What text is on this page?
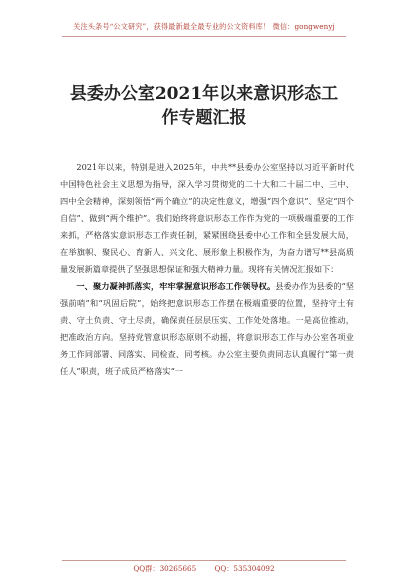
关注头条号“公文研究”，获得最新最全最专业的公文资料库！ 微信：gongwenyj
县委办公室2021年以来意识形态工
作专题汇报

2021年以来，特别是进入2025年，中共**县委办公室坚持以习近平新时代中国特色社会主义思想为指导，深入学习贯彻党的二十大和二十届二中、三中、四中全会精神，深刻领悟“两个确立”的决定性意义，增强“四个意识”、坚定“四个自信”、做到“两个维护”。我们始终将意识形态工作作为党的一项极端重要的工作来抓，严格落实意识形态工作责任制，紧紧围绕县委中心工作和全县发展大局，在举旗帜、聚民心、育新人、兴文化、展形象上积极作为，为奋力谱写**县高质量发展新篇章提供了坚强思想保证和强大精神力量。现将有关情况汇报如下：

一、聚力凝神抓落实，牢牢掌握意识形态工作领导权。县委办作为县委的“坚强前哨”和“巩固后院”，始终把意识形态工作摆在极端重要的位置，坚持守土有责、守土负责、守土尽责，确保责任层层压实、工作处处落地。一是高位推动，把准政治方向。坚持党管意识形态原则不动摇，将意识形态工作与办公室各项业务工作同部署、同落实、同检查、同考核。办公室主要负责同志认真履行“第一责任人”职责，班子成员严格落实“一

QQ群：30265665	QQ：535304092
